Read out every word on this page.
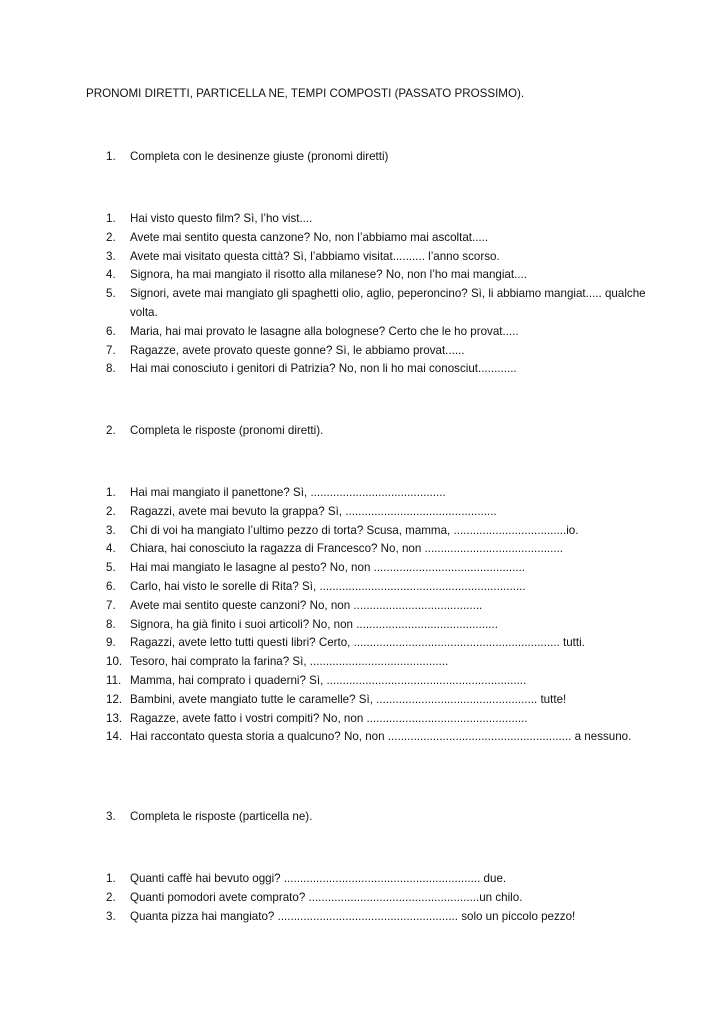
PRONOMI DIRETTI, PARTICELLA NE, TEMPI COMPOSTI (PASSATO PROSSIMO).
1. Completa con le desinenze giuste (pronomi diretti)
1. Hai visto questo film? Sì, l’ho vist....
2. Avete mai sentito questa canzone? No, non l’abbiamo mai ascoltat.....
3. Avete mai visitato questa città? Sì, l’abbiamo visitat.......... l’anno scorso.
4. Signora, ha mai mangiato il risotto alla milanese? No, non l’ho mai mangiat....
5. Signori, avete mai mangiato gli spaghetti olio, aglio, peperoncino? Sì, li abbiamo mangiat..... qualche volta.
6. Maria, hai mai provato le lasagne alla bolognese? Certo che le ho provat.....
7. Ragazze, avete provato queste gonne? Sì, le abbiamo provat......
8. Hai mai conosciuto i genitori di Patrizia? No, non li ho mai conosciut............
2. Completa le risposte (pronomi diretti).
1. Hai mai mangiato il panettone? Sì, ..........................................
2. Ragazzi, avete mai bevuto la grappa? Sì, ...............................................
3. Chi di voi ha mangiato l’ultimo pezzo di torta? Scusa, mamma, ...................................io.
4. Chiara, hai conosciuto la ragazza di Francesco? No, non ...........................................
5. Hai mai mangiato le lasagne al pesto? No, non ...............................................
6. Carlo, hai visto le sorelle di Rita? Sì, ................................................................
7. Avete mai sentito queste canzoni? No, non ........................................
8. Signora, ha già finito i suoi articoli? No, non ............................................
9. Ragazzi, avete letto tutti questi libri? Certo, ................................................................ tutti.
10. Tesoro, hai comprato la farina? Sì, ...........................................
11. Mamma, hai comprato i quaderni? Sì, ..............................................................
12. Bambini, avete mangiato tutte le caramelle? Sì, .................................................. tutte!
13. Ragazze, avete fatto i vostri compiti? No, non ..................................................
14. Hai raccontato questa storia a qualcuno? No, non ......................................................... a nessuno.
3. Completa le risposte (particella ne).
1. Quanti caffè hai bevuto oggi? ............................................................. due.
2. Quanti pomodori avete comprato? .....................................................un chilo.
3. Quanta pizza hai mangiato? ........................................................ solo un piccolo pezzo!
